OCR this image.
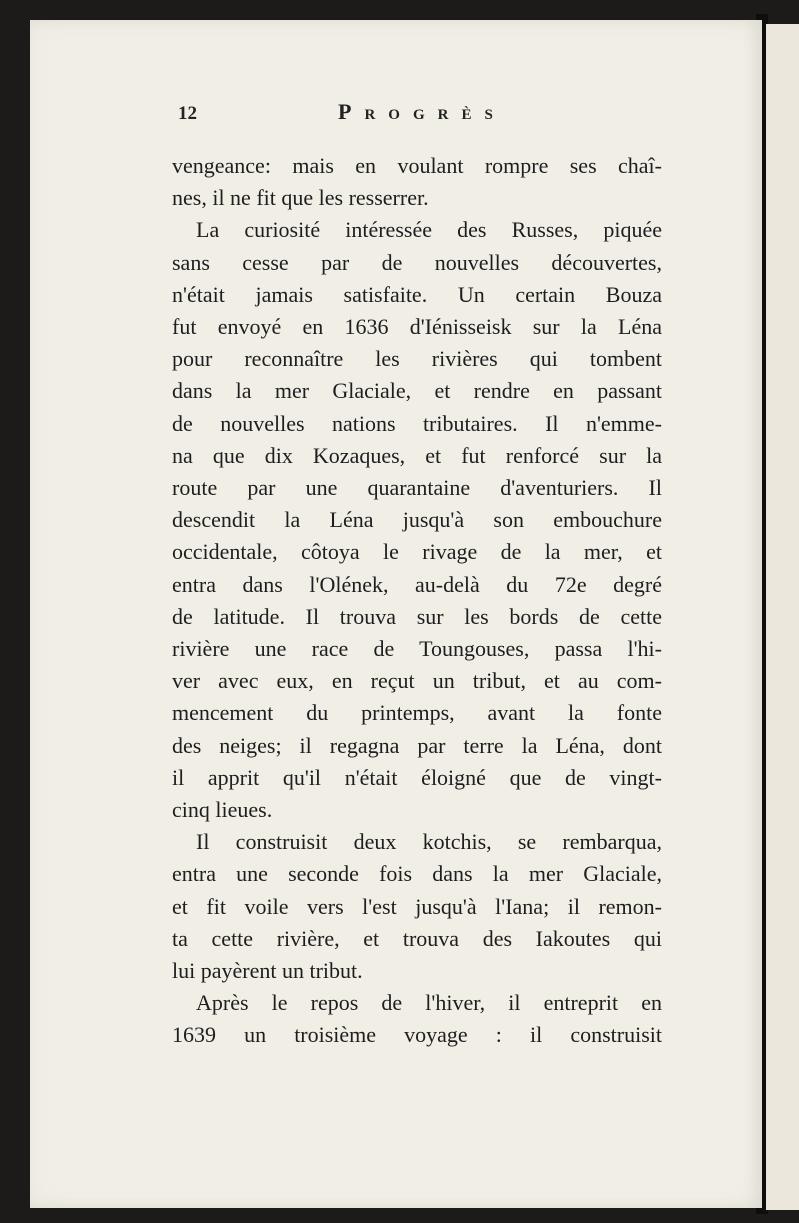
12	Progrès

vengeance: mais en voulant rompre ses chaî-
nes, il ne fit que les resserrer.

La curiosité intéressée des Russes, piquée
sans cesse par de nouvelles découvertes,
n'était jamais satisfaite. Un certain Bouza
fut envoyé en 1636 d'Iénisseisk sur la Léna
pour reconnaître les rivières qui tombent
dans la mer Glaciale, et rendre en passant
de nouvelles nations tributaires. Il n'emme-
na que dix Kozaques, et fut renforcé sur la
route par une quarantaine d'aventuriers. Il
descendit la Léna jusqu'à son embouchure
occidentale, côtoya le rivage de la mer, et
entra dans l'Olének, au-delà du 72e degré
de latitude. Il trouva sur les bords de cette
rivière une race de Toungouses, passa l'hi-
ver avec eux, en reçut un tribut, et au com-
mencement du printemps, avant la fonte
des neiges; il regagna par terre la Léna, dont
il apprit qu'il n'était éloigné que de vingt-
cinq lieues.

Il construisit deux kotchis, se rembarqua,
entra une seconde fois dans la mer Glaciale,
et fit voile vers l'est jusqu'à l'Iana; il remon-
ta cette rivière, et trouva des Iakoutes qui
lui payèrent un tribut.

Après le repos de l'hiver, il entreprit en
1639 un troisième voyage : il construisit
